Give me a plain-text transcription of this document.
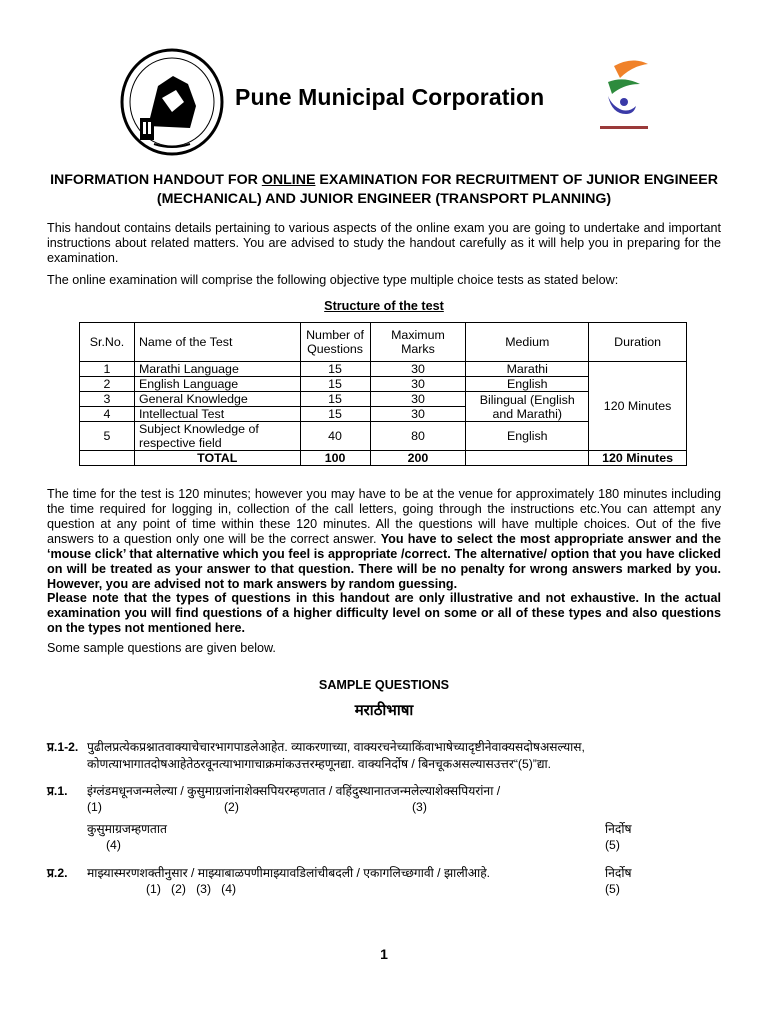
Pune Municipal Corporation
INFORMATION HANDOUT FOR ONLINE EXAMINATION FOR RECRUITMENT OF JUNIOR ENGINEER (MECHANICAL) AND JUNIOR ENGINEER (TRANSPORT PLANNING)
This handout contains details pertaining to various aspects of the online exam you are going to undertake and important instructions about related matters. You are advised to study the handout carefully as it will help you in preparing for the examination.
The online examination will comprise the following objective type multiple choice tests as stated below:
Structure of the test
Sr.No.	Name of the Test	Number of Questions	Maximum Marks	Medium	Duration
1	Marathi Language	15	30	Marathi	120 Minutes
2	English Language	15	30	English	
3	General Knowledge	15	30	Bilingual (English and Marathi)	
4	Intellectual Test	15	30		
5	Subject Knowledge of respective field	40	80	English	
	TOTAL	100	200		120 Minutes
The time for the test is 120 minutes; however you may have to be at the venue for approximately 180 minutes including the time required for logging in, collection of the call letters, going through the instructions etc.You can attempt any question at any point of time within these 120 minutes. All the questions will have multiple choices. Out of the five answers to a question only one will be the correct answer. You have to select the most appropriate answer and the ‘mouse click’ that alternative which you feel is appropriate /correct. The alternative/ option that you have clicked on will be treated as your answer to that question. There will be no penalty for wrong answers marked by you. However, you are advised not to mark answers by random guessing.
Please note that the types of questions in this handout are only illustrative and not exhaustive. In the actual examination you will find questions of a higher difficulty level on some or all of these types and also questions on the types not mentioned here.
Some sample questions are given below.
SAMPLE QUESTIONS
मराठीभाषा
प्र.1-2. पुढीलप्रत्येकप्रश्नातवाक्याचेचारभागपाडलेआहेत. व्याकरणाच्या, वाक्यरचनेच्याकिंवाभाषेच्यादृष्टीनेवाक्यसदोषअसल्यास,
कोणत्याभागातदोषआहेतेठरवूनत्याभागाचाक्रमांकउत्तरम्हणूनद्या. वाक्यनिर्दोष / बिनचूकअसल्यासउत्तर“(5)”द्या.
प्र.1. इंग्लंडमधूनजन्मलेल्या / कुसुमाग्रजांनाशेक्सपियरम्हणतात / वहिंदुस्थानातजन्मलेल्याशेक्सपियरांना /
(1)	(2)	(3)
कुसुमाग्रजम्हणतात	निर्दोष
(4)	(5)
प्र.2. माझ्यास्मरणशक्तीनुसार / माझ्याबाळपणीमाझ्यावडिलांचीबदली / एकागलिच्छगावी / झालीआहे.	निर्दोष
(1)   (2)   (3)   (4)	(5)
1
